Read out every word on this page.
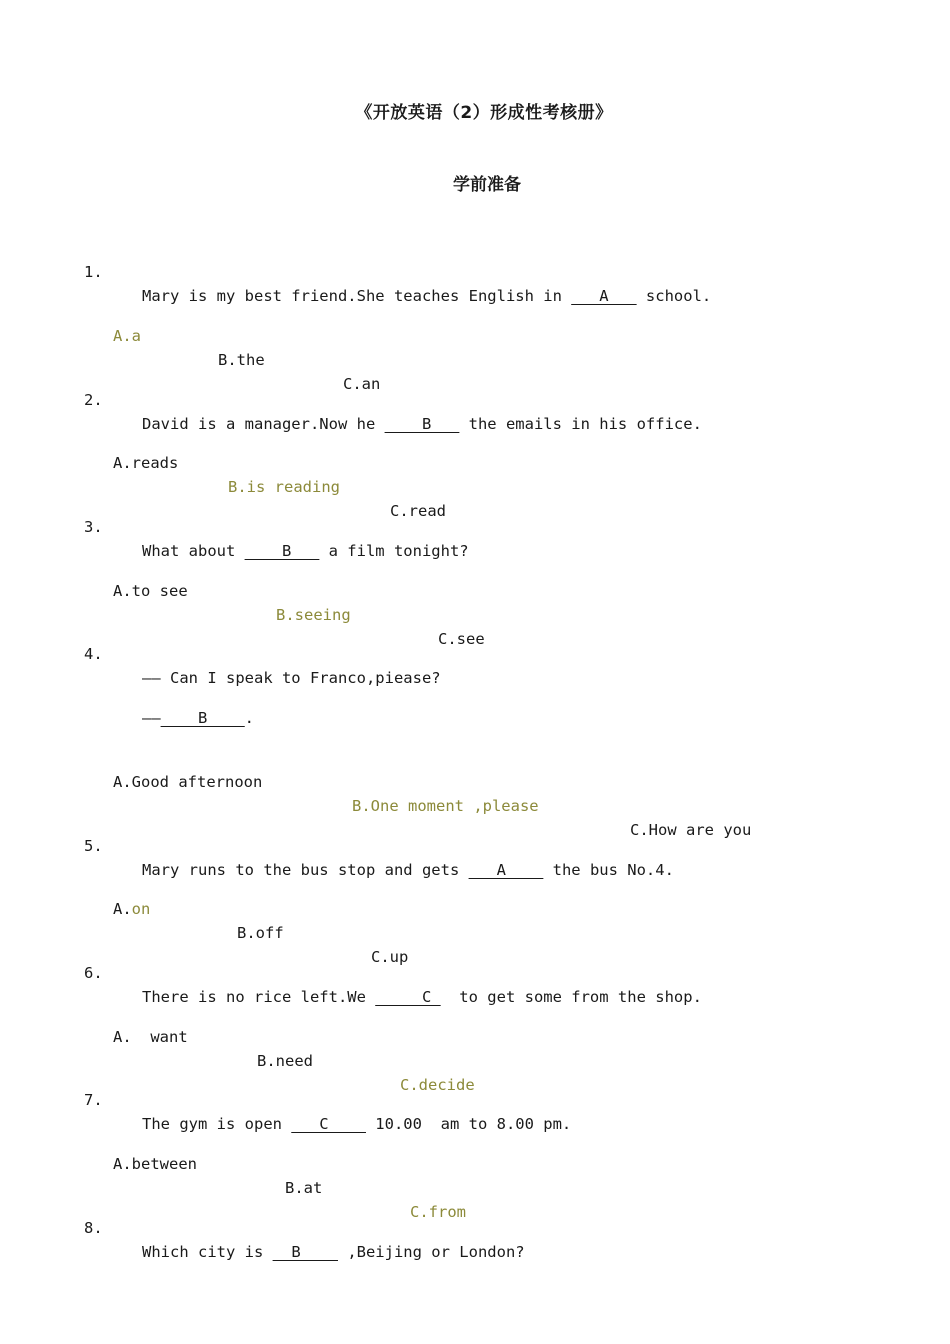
《开放英语（2）形成性考核册》
学前准备

1.

Mary is my best friend.She teaches English in ___A___ school.

A.a

B.the

C.an

2.

David is a manager.Now he ____B___ the emails in his office.

A.reads

B.is reading

C.read

3.

What about ____B___ a film tonight?

A.to see

B.seeing

C.see

4.

—— Can I speak to Franco,piease?

——____B____.

A.Good afternoon

B.One moment ,please

C.How are you

5.

Mary runs to the bus stop and gets ___A____ the bus No.4.

A.on

B.off

C.up

6.

There is no rice left.We _____C_  to get some from the shop.

A.  want

B.need

C.decide

7.

The gym is open ___C____ 10.00  am to 8.00 pm.

A.between

B.at

C.from

8.

Which city is __B____ ,Beijing or London?
